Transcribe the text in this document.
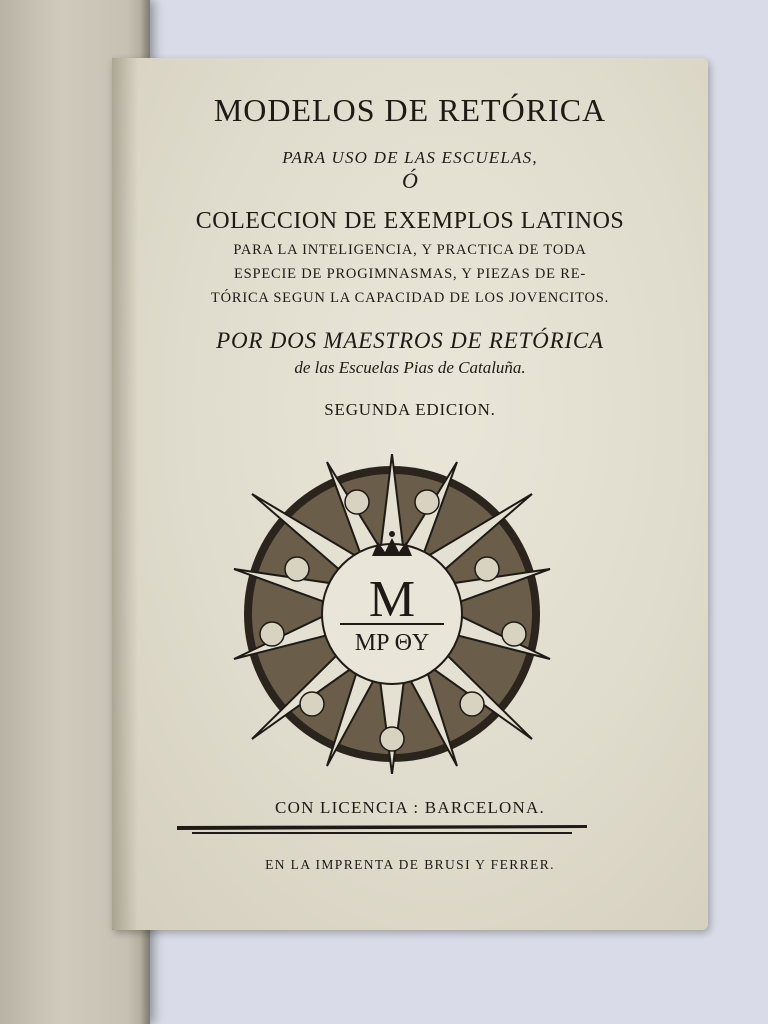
MODELOS DE RETÓRICA
PARA USO DE LAS ESCUELAS,
Ó
COLECCION DE EXEMPLOS LATINOS
PARA LA INTELIGENCIA, Y PRACTICA DE TODA
ESPECIE DE PROGIMNASMAS, Y PIEZAS DE RE-
TÓRICA SEGUN LA CAPACIDAD DE LOS JOVENCITOS.
POR DOS MAESTROS DE RETÓRICA
de las Escuelas Pias de Cataluña.
SEGUNDA EDICION.
M
MP ΘY
CON LICENCIA : BARCELONA.
EN LA IMPRENTA DE BRUSI Y FERRER.
